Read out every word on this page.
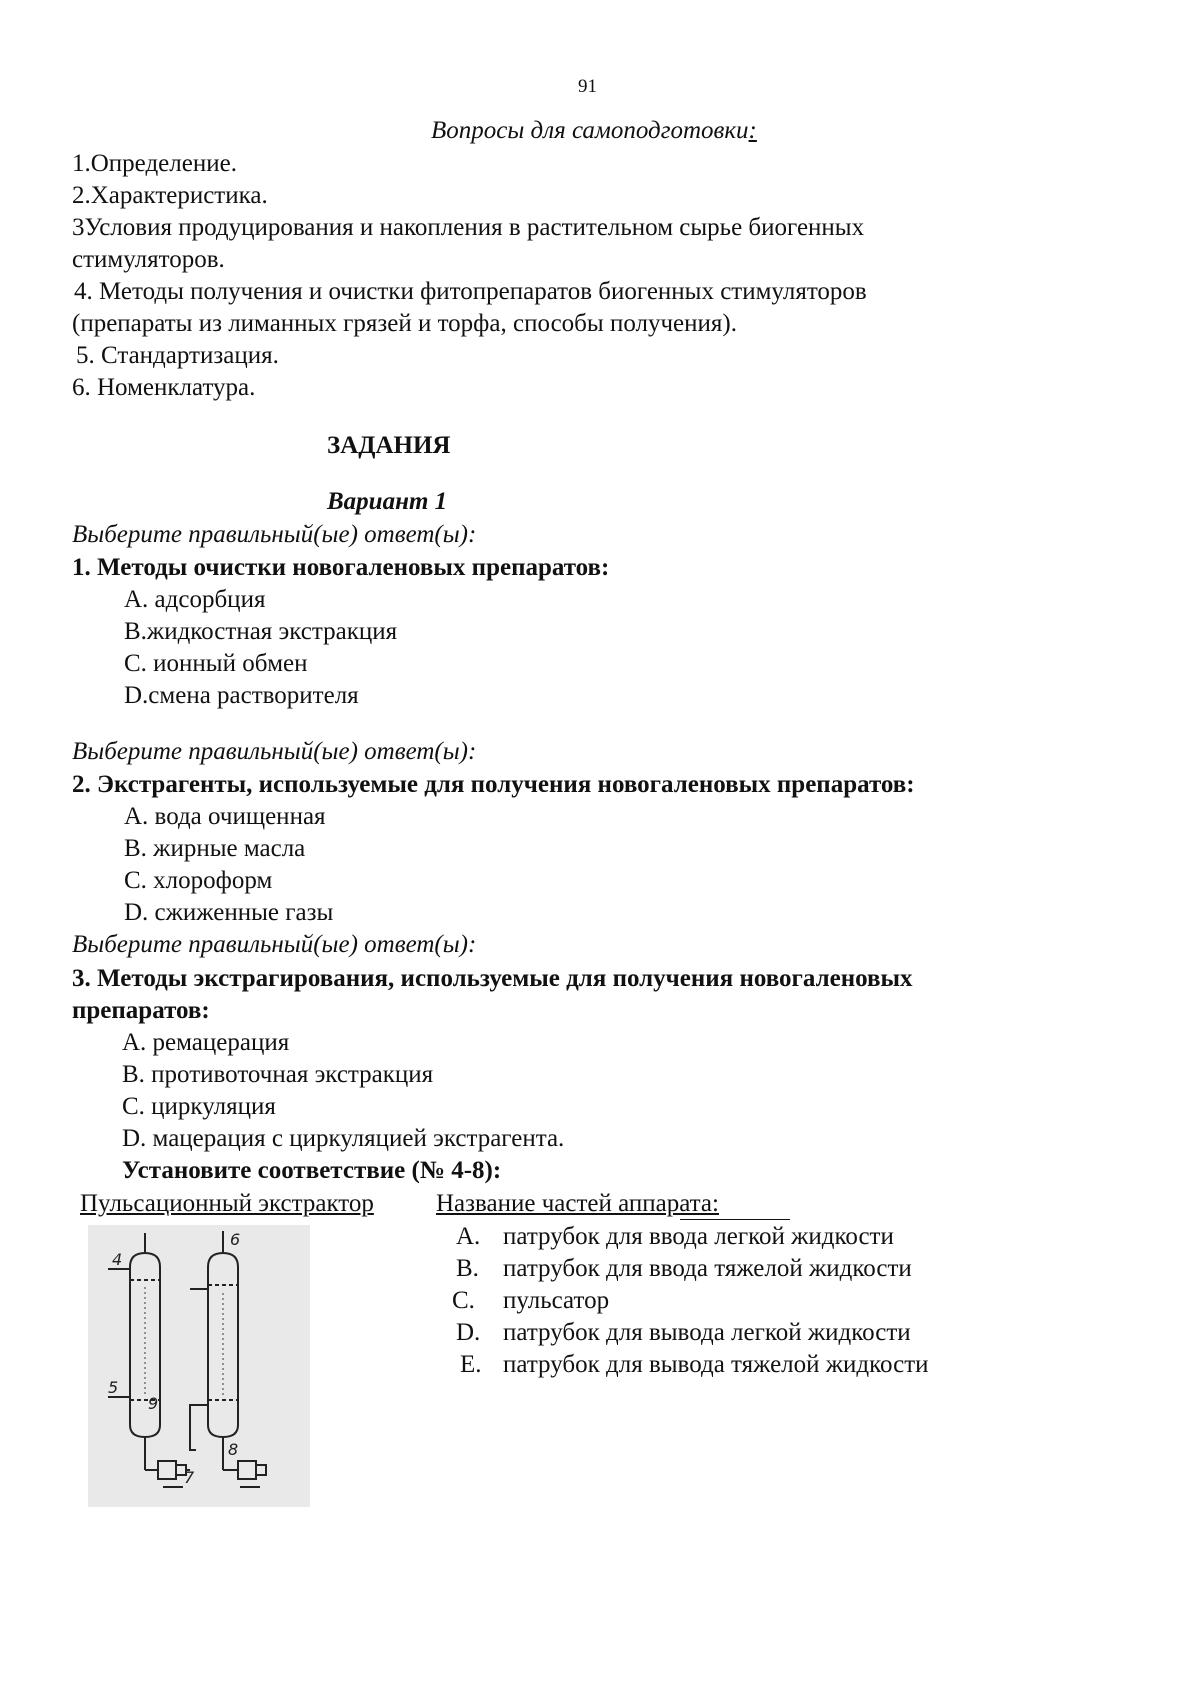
91
Вопросы для самоподготовки:
1.Определение.
2.Характеристика.
3Условия продуцирования и накопления в растительном сырье биогенных
стимуляторов.
4. Методы получения и очистки фитопрепаратов биогенных стимуляторов
(препараты из лиманных грязей и торфа, способы получения).
5. Стандартизация.
6. Номенклатура.
ЗАДАНИЯ
Вариант 1
Выберите правильный(ые) ответ(ы):
1. Методы очистки новогаленовых препаратов:
А. адсорбция
В.жидкостная экстракция
С. ионный обмен
D.смена растворителя
Выберите правильный(ые) ответ(ы):
2. Экстрагенты, используемые для получения новогаленовых препаратов:
А. вода очищенная
В. жирные масла
С. хлороформ
D. сжиженные газы
Выберите правильный(ые) ответ(ы):
3. Методы экстрагирования, используемые для получения новогаленовых
препаратов:
А. ремацерация
В. противоточная экстракция
С. циркуляция
D. мацерация с циркуляцией экстрагента.
Установите соответствие (№ 4-8):
Пульсационный экстрактор Название частей аппарата:
А. патрубок для ввода легкой жидкости
В. патрубок для ввода тяжелой жидкости
С. пульсатор
D. патрубок для вывода легкой жидкости
Е. патрубок для вывода тяжелой жидкости
4
6
5
9
8
7
